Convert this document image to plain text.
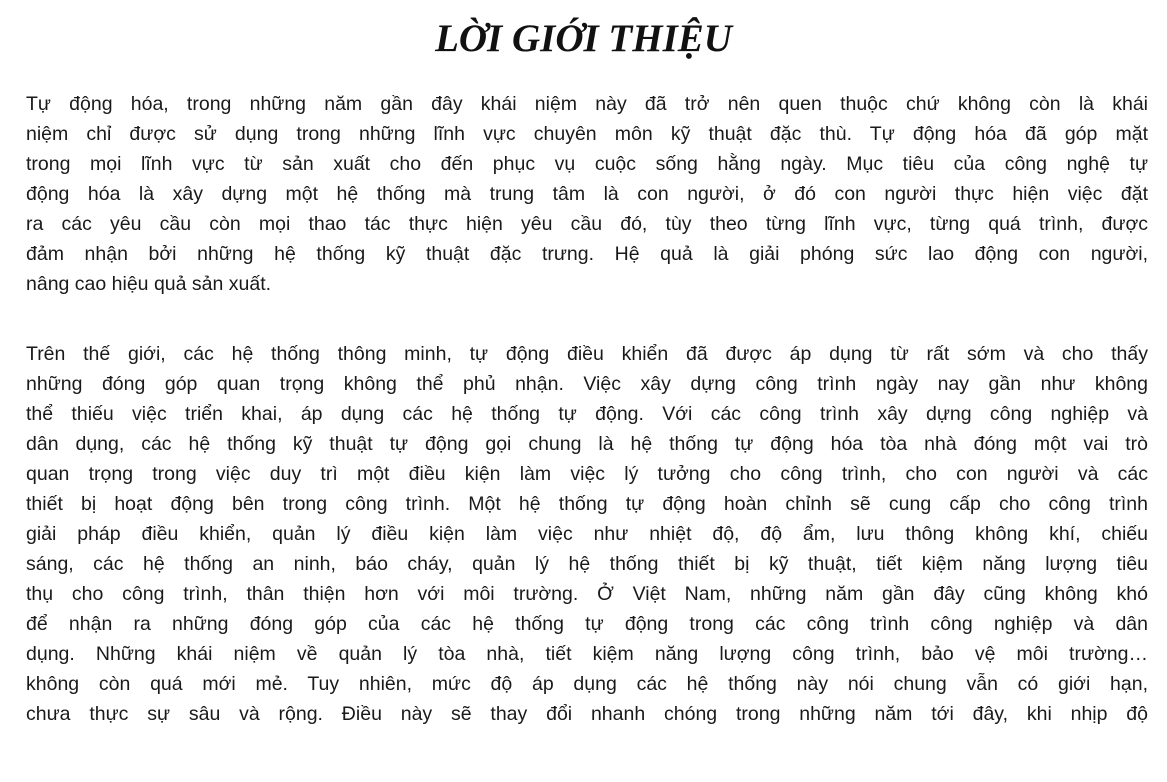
LỜI GIỚI THIỆU

Tự động hóa, trong những năm gần đây khái niệm này đã trở nên quen thuộc chứ không còn là khái
niệm chỉ được sử dụng trong những lĩnh vực chuyên môn kỹ thuật đặc thù. Tự động hóa đã góp mặt
trong mọi lĩnh vực từ sản xuất cho đến phục vụ cuộc sống hằng ngày. Mục tiêu của công nghệ tự
động hóa là xây dựng một hệ thống mà trung tâm là con người, ở đó con người thực hiện việc đặt
ra các yêu cầu còn mọi thao tác thực hiện yêu cầu đó, tùy theo từng lĩnh vực, từng quá trình, được
đảm nhận bởi những hệ thống kỹ thuật đặc trưng. Hệ quả là giải phóng sức lao động con người,
nâng cao hiệu quả sản xuất.

Trên thế giới, các hệ thống thông minh, tự động điều khiển đã được áp dụng từ rất sớm và cho thấy
những đóng góp quan trọng không thể phủ nhận. Việc xây dựng công trình ngày nay gần như không
thể thiếu việc triển khai, áp dụng các hệ thống tự động. Với các công trình xây dựng công nghiệp và
dân dụng, các hệ thống kỹ thuật tự động gọi chung là hệ thống tự động hóa tòa nhà đóng một vai trò
quan trọng trong việc duy trì một điều kiện làm việc lý tưởng cho công trình, cho con người và các
thiết bị hoạt động bên trong công trình. Một hệ thống tự động hoàn chỉnh sẽ cung cấp cho công trình
giải pháp điều khiển, quản lý điều kiện làm việc như nhiệt độ, độ ẩm, lưu thông không khí, chiếu
sáng, các hệ thống an ninh, báo cháy, quản lý hệ thống thiết bị kỹ thuật, tiết kiệm năng lượng tiêu
thụ cho công trình, thân thiện hơn với môi trường. Ở Việt Nam, những năm gần đây cũng không khó
để nhận ra những đóng góp của các hệ thống tự động trong các công trình công nghiệp và dân
dụng. Những khái niệm về quản lý tòa nhà, tiết kiệm năng lượng công trình, bảo vệ môi trường…
không còn quá mới mẻ. Tuy nhiên, mức độ áp dụng các hệ thống này nói chung vẫn có giới hạn,
chưa thực sự sâu và rộng. Điều này sẽ thay đổi nhanh chóng trong những năm tới đây, khi nhịp độ
